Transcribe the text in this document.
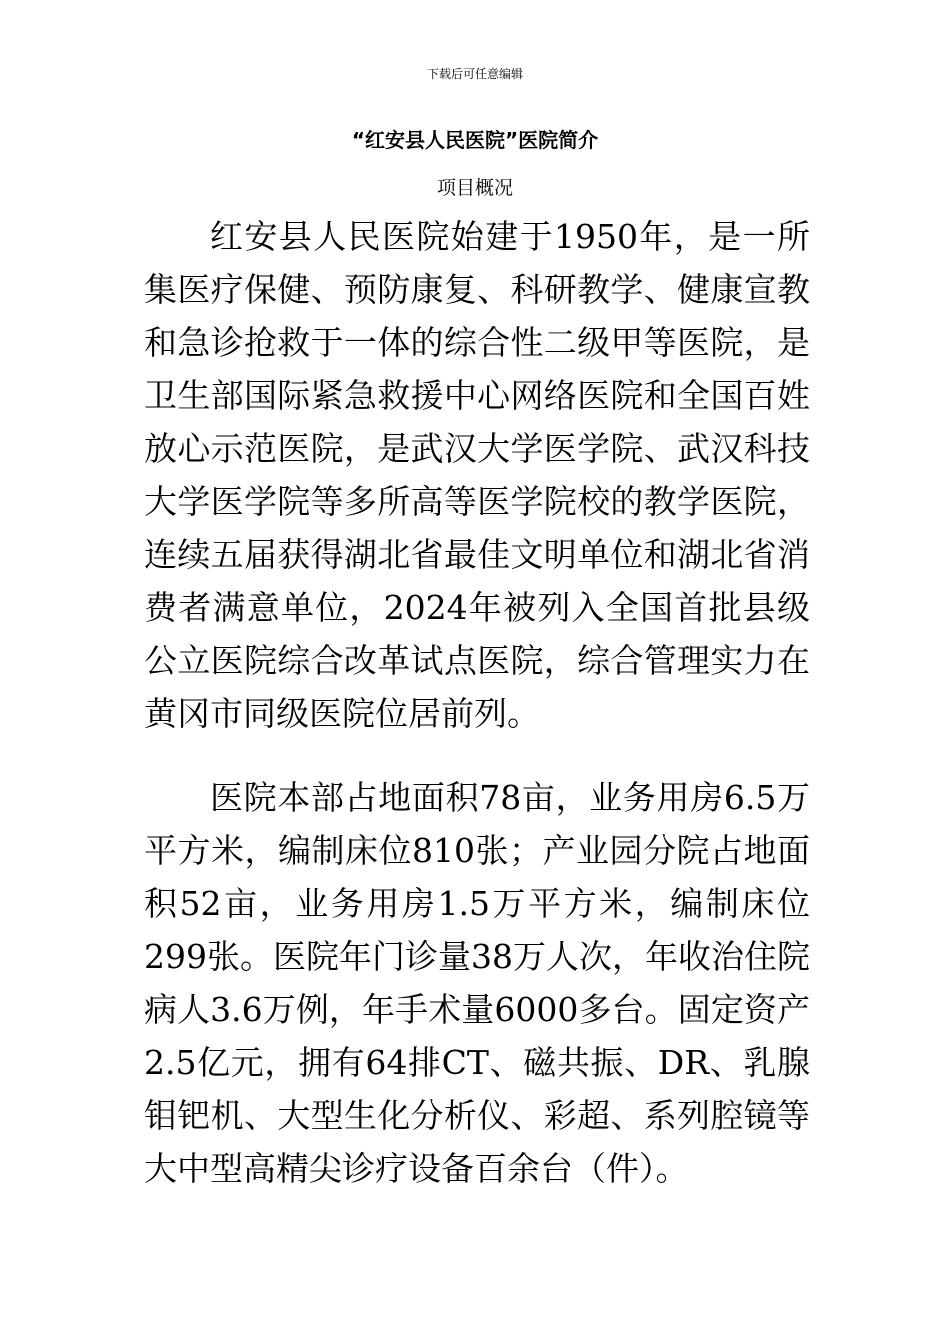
下载后可任意编辑
“红安县人民医院”医院简介
项目概况

红安县人民医院始建于1950年，是一所集医疗保健、预防康复、科研教学、健康宣教和急诊抢救于一体的综合性二级甲等医院，是卫生部国际紧急救援中心网络医院和全国百姓放心示范医院，是武汉大学医学院、武汉科技大学医学院等多所高等医学院校的教学医院，连续五届获得湖北省最佳文明单位和湖北省消费者满意单位，2024年被列入全国首批县级公立医院综合改革试点医院，综合管理实力在黄冈市同级医院位居前列。

医院本部占地面积78亩，业务用房6.5万平方米，编制床位810张；产业园分院占地面积52亩，业务用房1.5万平方米，编制床位299张。医院年门诊量38万人次，年收治住院病人3.6万例，年手术量6000多台。固定资产2.5亿元，拥有64排CT、磁共振、DR、乳腺钼钯机、大型生化分析仪、彩超、系列腔镜等大中型高精尖诊疗设备百余台（件）。
